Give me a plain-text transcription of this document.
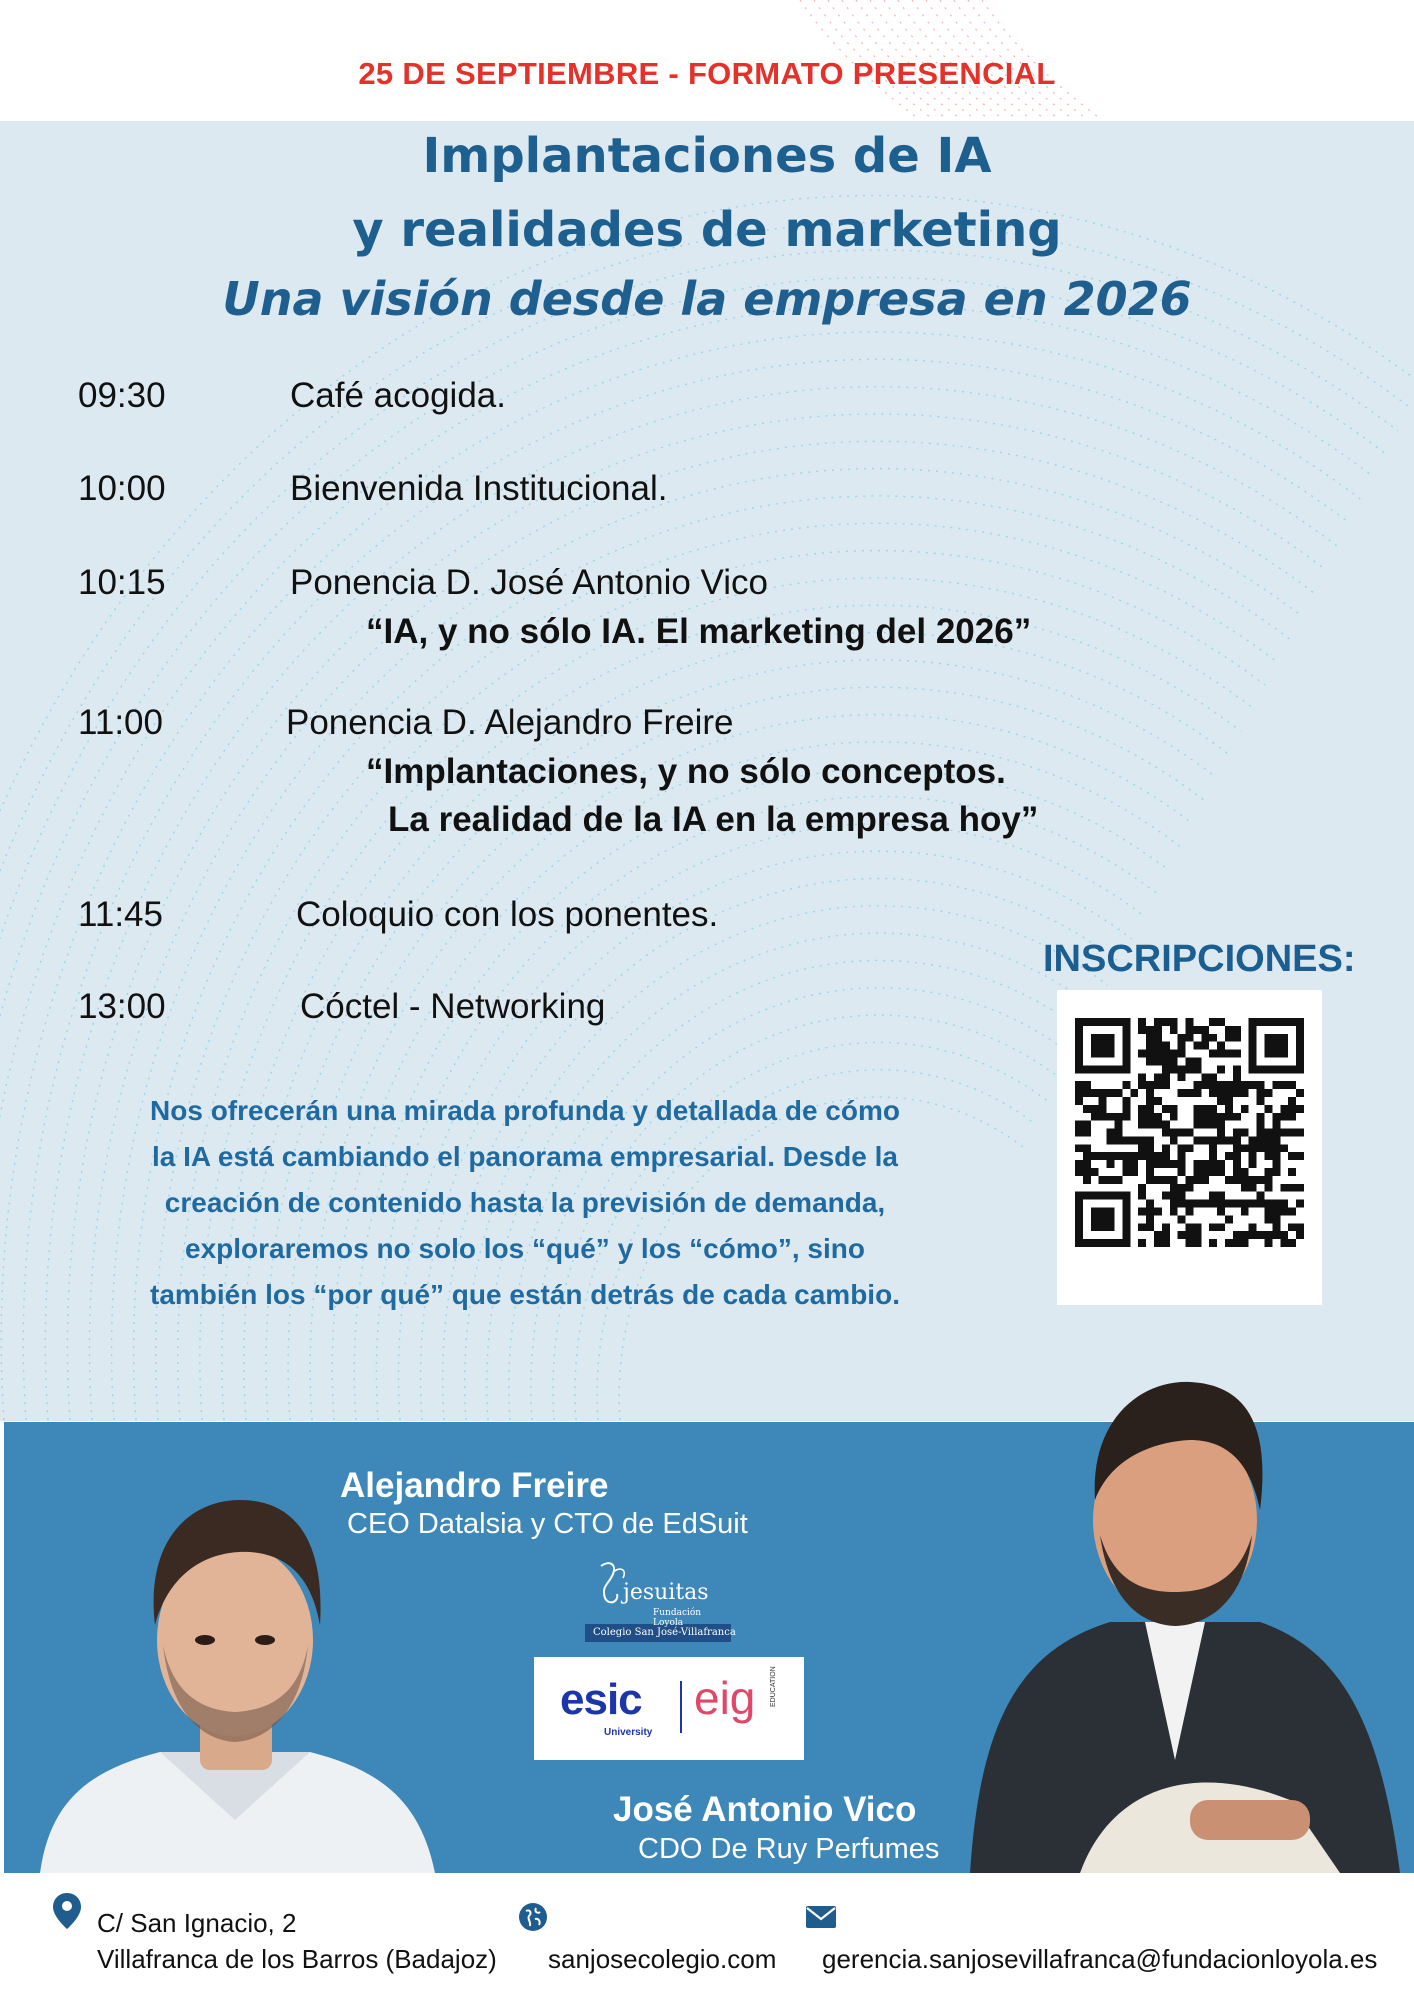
25 DE SEPTIEMBRE - FORMATO PRESENCIAL
Implantaciones de IA
y realidades de marketing
Una visión desde la empresa en 2026
09:30	Café acogida.
10:00	Bienvenida Institucional.
10:15	Ponencia D. José Antonio Vico
“IA, y no sólo IA. El marketing del 2026”
11:00	Ponencia D. Alejandro Freire
“Implantaciones, y no sólo conceptos.
La realidad de la IA en la empresa hoy”
11:45	Coloquio con los ponentes.
13:00	Cóctel - Networking
Nos ofrecerán una mirada profunda y detallada de cómo
la IA está cambiando el panorama empresarial. Desde la
creación de contenido hasta la previsión de demanda,
exploraremos no solo los “qué” y los “cómo”, sino
también los “por qué” que están detrás de cada cambio.
INSCRIPCIONES:
Alejandro Freire
CEO Datalsia y CTO de EdSuit
José Antonio Vico
CDO De Ruy Perfumes
jesuitas
Fundación Loyola
Colegio San José-Villafranca
esic
University
eig EDUCATION
C/ San Ignacio, 2
Villafranca de los Barros (Badajoz) sanjosecolegio.com gerencia.sanjosevillafranca@fundacionloyola.es
